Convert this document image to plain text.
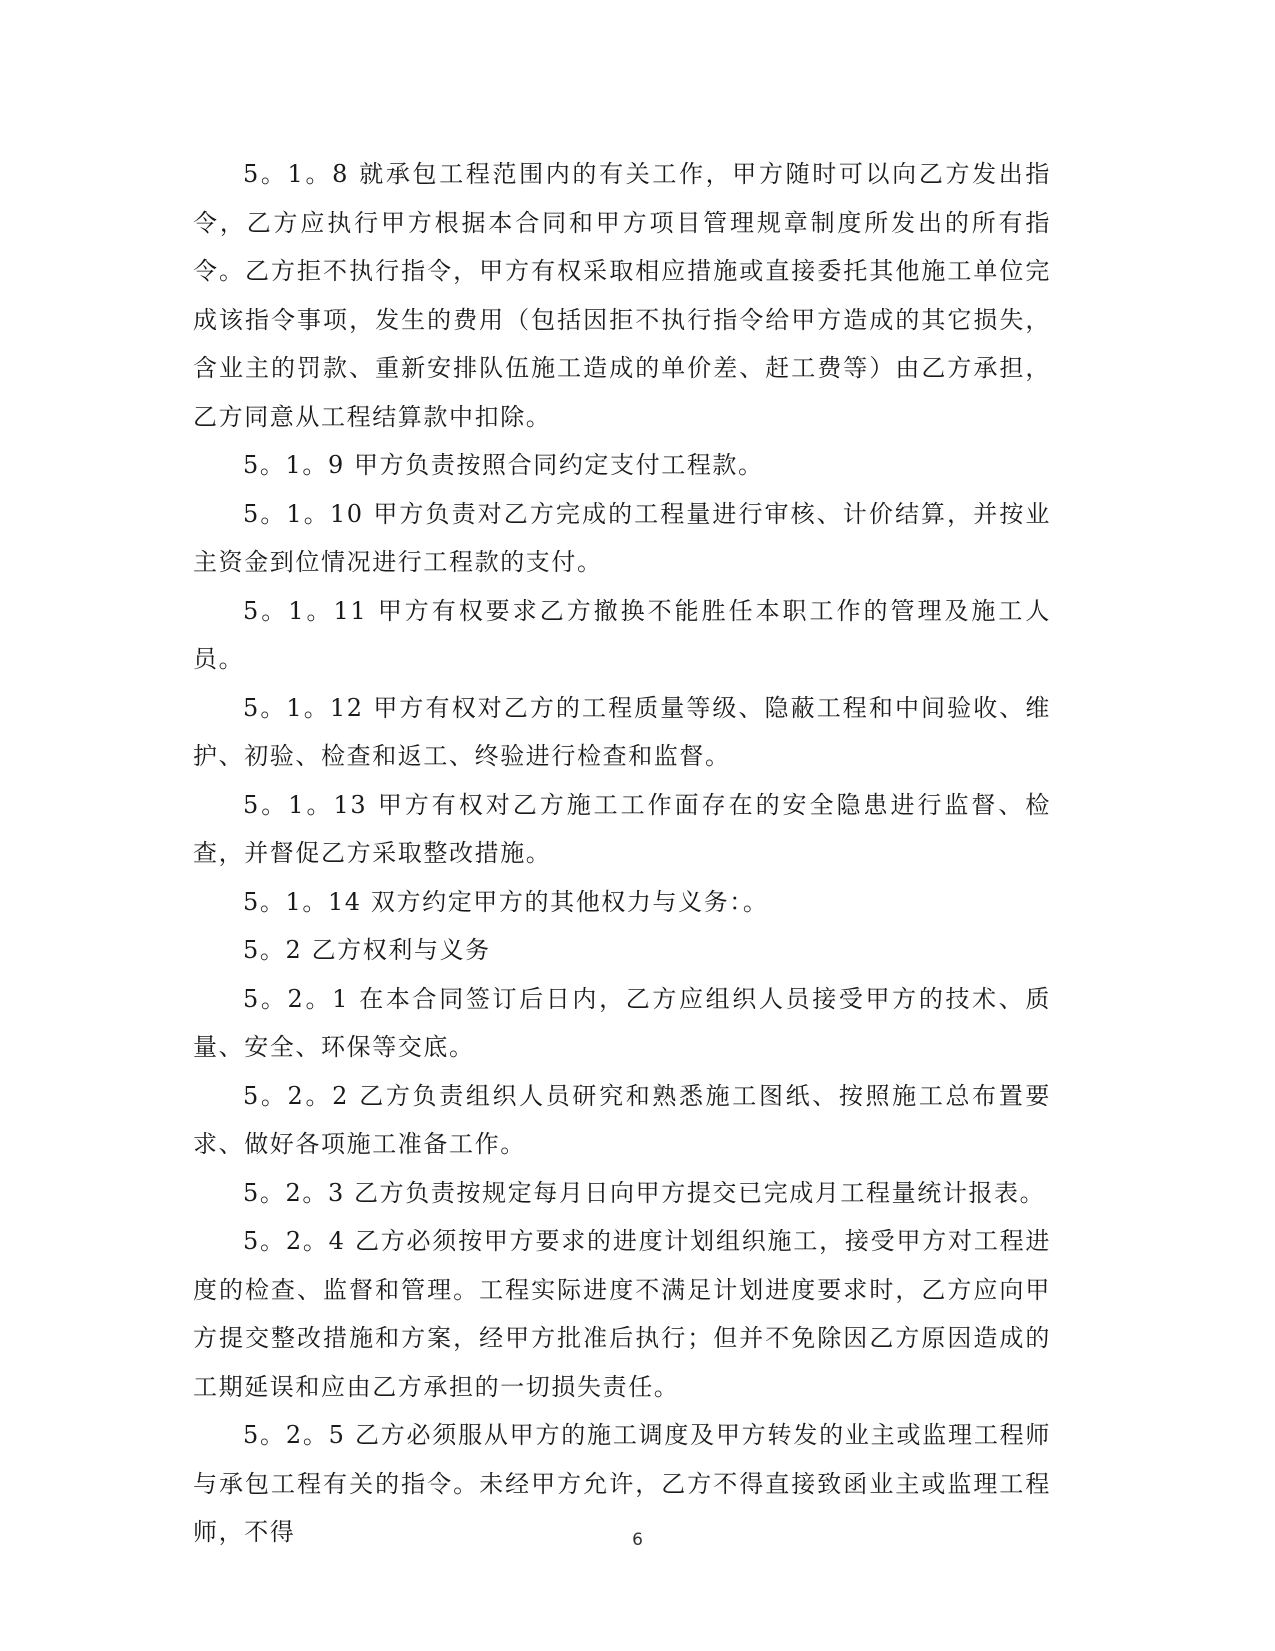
5。1。8 就承包工程范围内的有关工作，甲方随时可以向乙方发出指令，乙方应执行甲方根据本合同和甲方项目管理规章制度所发出的所有指令。乙方拒不执行指令，甲方有权采取相应措施或直接委托其他施工单位完成该指令事项，发生的费用（包括因拒不执行指令给甲方造成的其它损失，含业主的罚款、重新安排队伍施工造成的单价差、赶工费等）由乙方承担，乙方同意从工程结算款中扣除。

5。1。9 甲方负责按照合同约定支付工程款。

5。1。10 甲方负责对乙方完成的工程量进行审核、计价结算，并按业主资金到位情况进行工程款的支付。

5。1。11 甲方有权要求乙方撤换不能胜任本职工作的管理及施工人员。

5。1。12 甲方有权对乙方的工程质量等级、隐蔽工程和中间验收、维护、初验、检查和返工、终验进行检查和监督。

5。1。13 甲方有权对乙方施工工作面存在的安全隐患进行监督、检查，并督促乙方采取整改措施。

5。1。14 双方约定甲方的其他权力与义务：。

5。2 乙方权利与义务

5。2。1 在本合同签订后日内，乙方应组织人员接受甲方的技术、质量、安全、环保等交底。

5。2。2 乙方负责组织人员研究和熟悉施工图纸、按照施工总布置要求、做好各项施工准备工作。

5。2。3 乙方负责按规定每月日向甲方提交已完成月工程量统计报表。

5。2。4 乙方必须按甲方要求的进度计划组织施工，接受甲方对工程进度的检查、监督和管理。工程实际进度不满足计划进度要求时，乙方应向甲方提交整改措施和方案，经甲方批准后执行；但并不免除因乙方原因造成的工期延误和应由乙方承担的一切损失责任。

5。2。5 乙方必须服从甲方的施工调度及甲方转发的业主或监理工程师与承包工程有关的指令。未经甲方允许，乙方不得直接致函业主或监理工程师，不得	6
